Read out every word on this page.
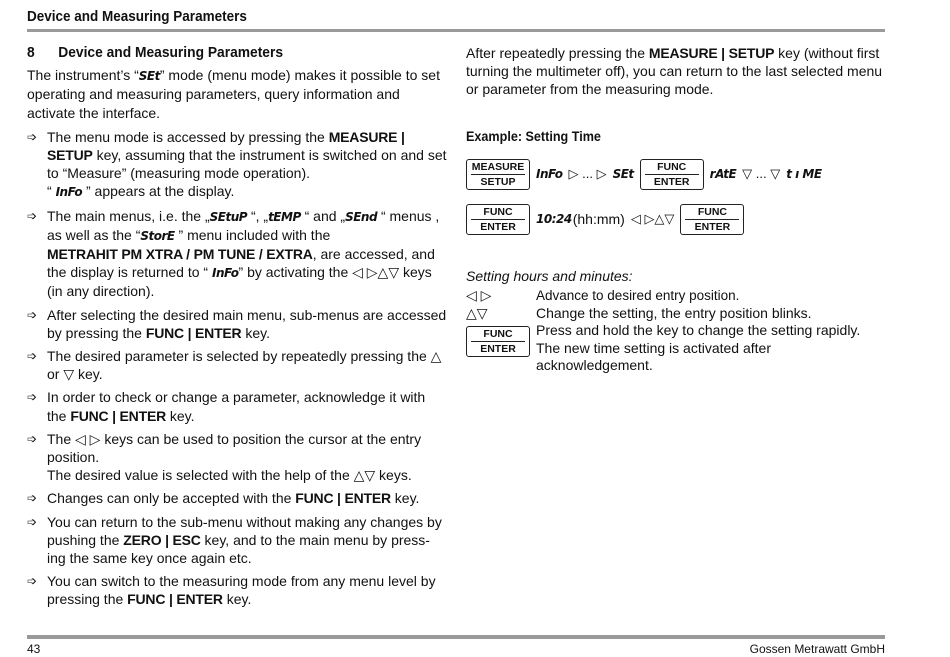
Device and Measuring Parameters
8 Device and Measuring Parameters

The instrument’s “SEt” mode (menu mode) makes it possible to set operating and measuring parameters, query information and activate the interface.

➩ The menu mode is accessed by pressing the MEASURE | SETUP key, assuming that the instrument is switched on and set to “Measure” (measuring mode operation).
“ InFo ” appears at the display.
➩ The main menus, i.e. the „SEtuP “, „tEMP “ and „SEnd “ menus , as well as the “StorE ” menu included with the
METRAHIT PM XTRA / PM TUNE / EXTRA, are accessed, and the display is returned to “ InFo” by activating the ◁ ▷△▽ keys (in any direction).
➩ After selecting the desired main menu, sub-menus are accessed by pressing the FUNC | ENTER key.
➩ The desired parameter is selected by repeatedly pressing the △ or ▽ key.
➩ In order to check or change a parameter, acknowledge it with the FUNC | ENTER key.
➩ The ◁ ▷ keys can be used to position the cursor at the entry position.
The desired value is selected with the help of the △▽ keys.
➩ Changes can only be accepted with the FUNC | ENTER key.
➩ You can return to the sub-menu without making any changes by pushing the ZERO | ESC key, and to the main menu by press-ing the same key once again etc.
➩ You can switch to the measuring mode from any menu level by pressing the FUNC | ENTER key.

After repeatedly pressing the MEASURE | SETUP key (without first turning the multimeter off), you can return to the last selected menu or parameter from the measuring mode.

Example: Setting Time
MEASURE
SETUP
InFo ▷ ... ▷ SEt
FUNC
ENTER
rAtE ▽ ... ▽ t ı ME
FUNC
ENTER
10:24 (hh:mm) ◁ ▷△▽	FUNC
ENTER
Setting hours and minutes:
◁ ▷	Advance to desired entry position.
△▽	Change the setting, the entry position blinks.
FUNC
ENTER	Press and hold the key to change the setting rapidly.
The new time setting is activated after acknowledgement.
43	Gossen Metrawatt GmbH
